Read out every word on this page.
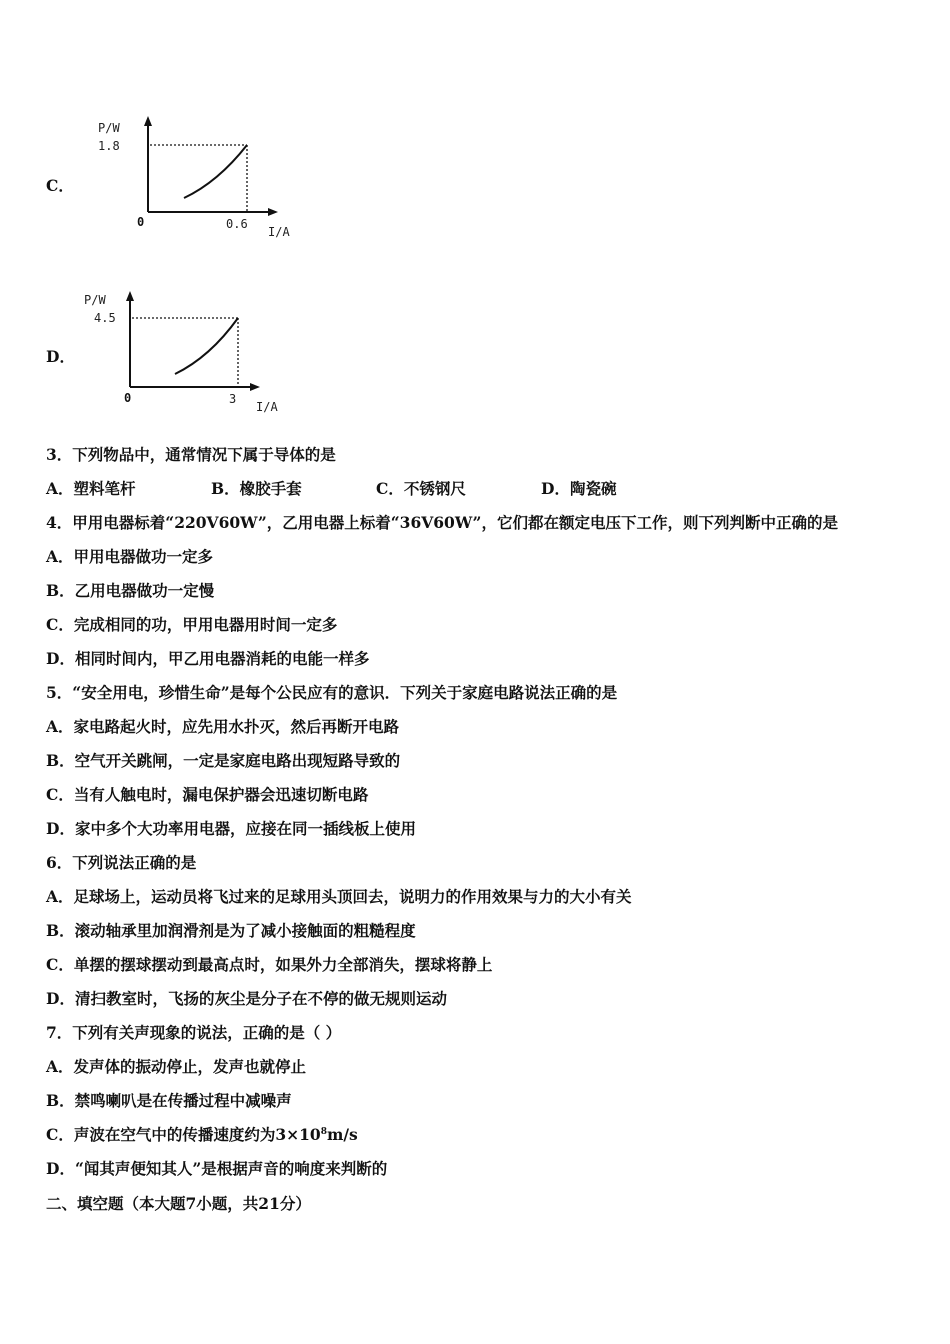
C．
P/W
1.8
0	0.6
I/A
D．
P/W
4.5
0	3
I/A
3．下列物品中，通常情况下属于导体的是
A．塑料笔杆	B．橡胶手套	C．不锈钢尺	D．陶瓷碗
4．甲用电器标着“220V60W”，乙用电器上标着“36V60W”，它们都在额定电压下工作，则下列判断中正确的是
A．甲用电器做功一定多
B．乙用电器做功一定慢
C．完成相同的功，甲用电器用时间一定多
D．相同时间内，甲乙用电器消耗的电能一样多
5．“安全用电，珍惜生命”是每个公民应有的意识．下列关于家庭电路说法正确的是
A．家电路起火时，应先用水扑灭，然后再断开电路
B．空气开关跳闸，一定是家庭电路出现短路导致的
C．当有人触电时，漏电保护器会迅速切断电路
D．家中多个大功率用电器，应接在同一插线板上使用
6．下列说法正确的是
A．足球场上，运动员将飞过来的足球用头顶回去，说明力的作用效果与力的大小有关
B．滚动轴承里加润滑剂是为了减小接触面的粗糙程度
C．单摆的摆球摆动到最高点时，如果外力全部消失，摆球将静上
D．清扫教室时，飞扬的灰尘是分子在不停的做无规则运动
7．下列有关声现象的说法，正确的是（ ）
A．发声体的振动停止，发声也就停止
B．禁鸣喇叭是在传播过程中减噪声
C．声波在空气中的传播速度约为$3\times 10^8m/s$
D．“闻其声便知其人”是根据声音的响度来判断的
二、填空题（本大题7小题，共21分）
